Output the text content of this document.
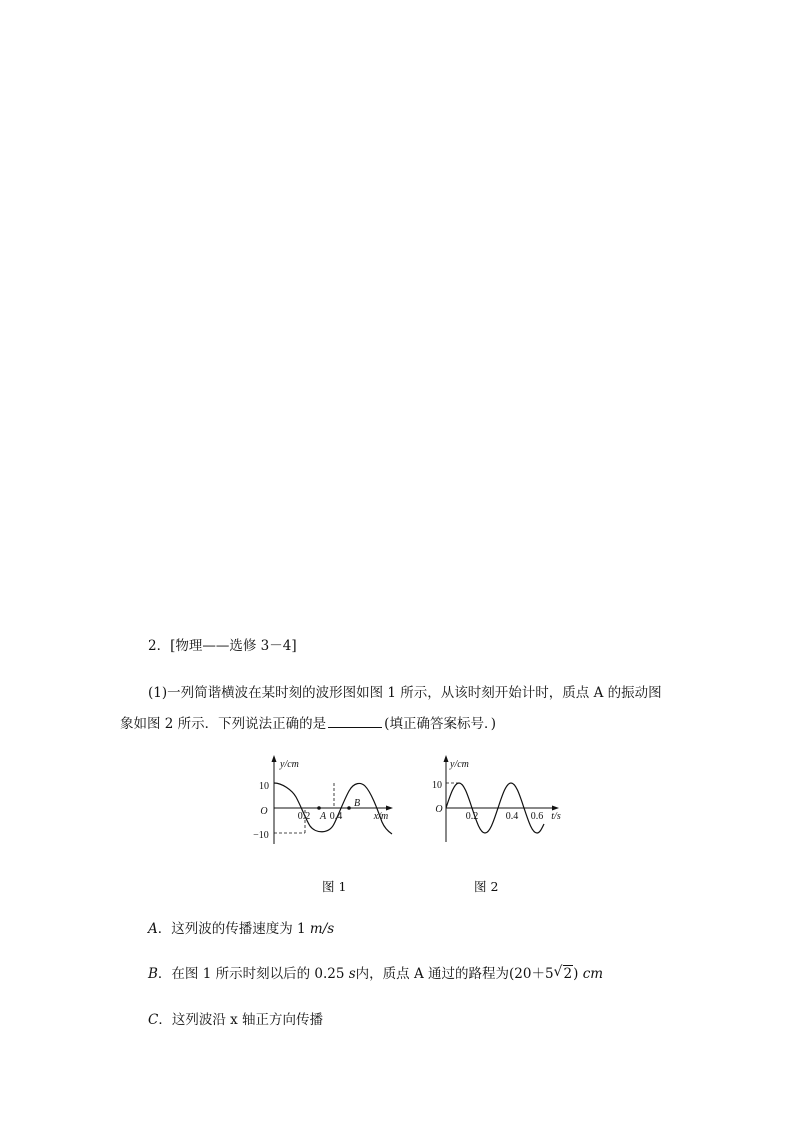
2．[物理——选修 3－4]
(1)一列简谐横波在某时刻的波形图如图 1 所示，从该时刻开始计时，质点 A 的振动图
象如图 2 所示．下列说法正确的是	(填正确答案标号．)
y/cm
10
O
−10
0.2 A 0.4
B
x/m
y/cm
10
O
0.2	0.4 0.6 t/s
图 1	图 2
A．这列波的传播速度为 1 m/s
B．在图 1 所示时刻以后的 0.25 s内，质点 A 通过的路程为(20＋5 √ 2) cm
C．这列波沿 x 轴正方向传播
